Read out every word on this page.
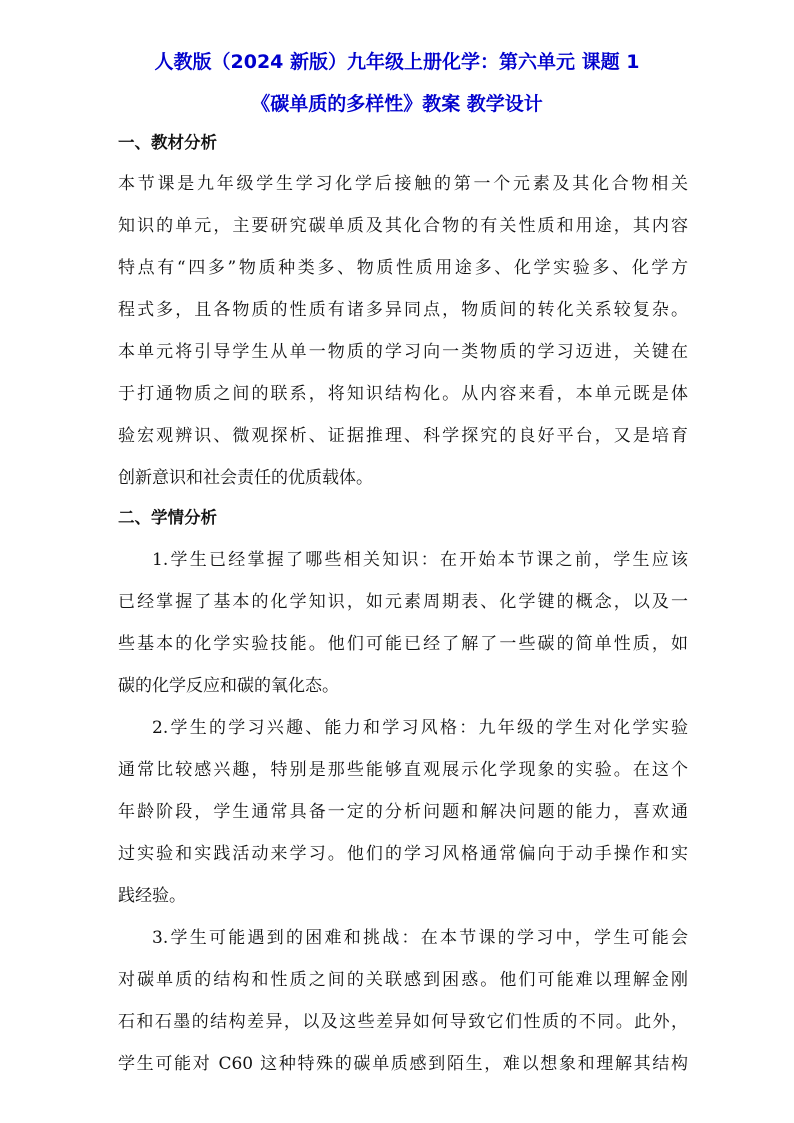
人教版（2024 新版）九年级上册化学：第六单元 课题 1
《碳单质的多样性》教案 教学设计
一、教材分析
本节课是九年级学生学习化学后接触的第一个元素及其化合物相关
知识的单元，主要研究碳单质及其化合物的有关性质和用途，其内容
特点有“四多”物质种类多、物质性质用途多、化学实验多、化学方
程式多，且各物质的性质有诸多异同点，物质间的转化关系较复杂。
本单元将引导学生从单一物质的学习向一类物质的学习迈进，关键在
于打通物质之间的联系，将知识结构化。从内容来看，本单元既是体
验宏观辨识、微观探析、证据推理、科学探究的良好平台，又是培育
创新意识和社会责任的优质载体。
二、学情分析
1.学生已经掌握了哪些相关知识：在开始本节课之前，学生应该
已经掌握了基本的化学知识，如元素周期表、化学键的概念，以及一
些基本的化学实验技能。他们可能已经了解了一些碳的简单性质，如
碳的化学反应和碳的氧化态。
2.学生的学习兴趣、能力和学习风格：九年级的学生对化学实验
通常比较感兴趣，特别是那些能够直观展示化学现象的实验。在这个
年龄阶段，学生通常具备一定的分析问题和解决问题的能力，喜欢通
过实验和实践活动来学习。他们的学习风格通常偏向于动手操作和实
践经验。
3.学生可能遇到的困难和挑战：在本节课的学习中，学生可能会
对碳单质的结构和性质之间的关联感到困惑。他们可能难以理解金刚
石和石墨的结构差异，以及这些差异如何导致它们性质的不同。此外，
学生可能对 C60 这种特殊的碳单质感到陌生，难以想象和理解其结构
